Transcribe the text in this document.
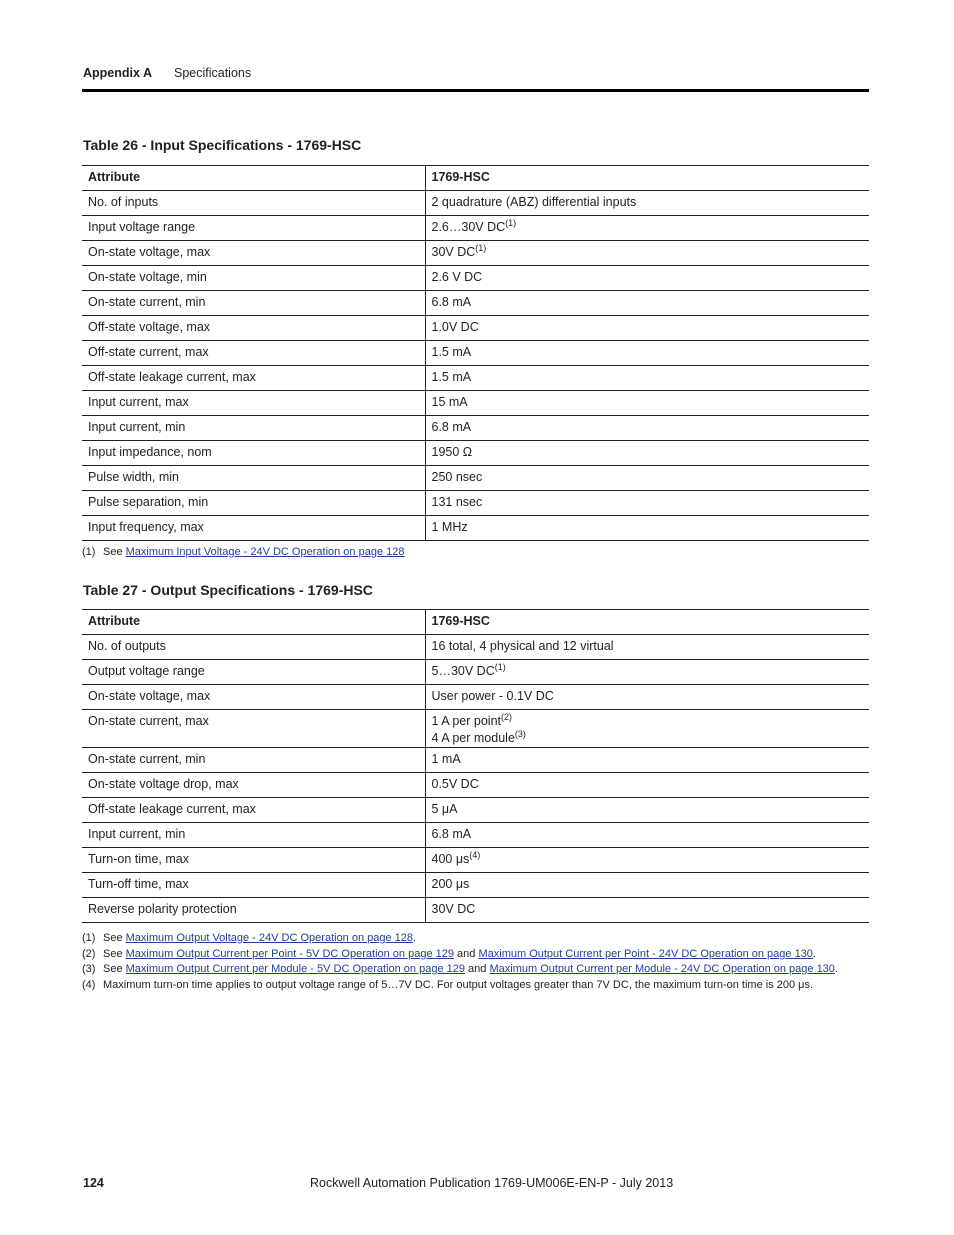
Appendix A Specifications
Table 26 - Input Specifications - 1769-HSC
Attribute	1769-HSC
No. of inputs	2 quadrature (ABZ) differential inputs
Input voltage range	2.6…30V DC$^{(1)}$
On-state voltage, max	30V DC$^{(1)}$
On-state voltage, min	2.6 V DC
On-state current, min	6.8 mA
Off-state voltage, max	1.0V DC
Off-state current, max	1.5 mA
Off-state leakage current, max	1.5 mA
Input current, max	15 mA
Input current, min	6.8 mA
Input impedance, nom	1950 Ω
Pulse width, min	250 nsec
Pulse separation, min	131 nsec
Input frequency, max	1 MHz
(1) See Maximum Input Voltage - 24V DC Operation on page 128
Table 27 - Output Specifications - 1769-HSC
Attribute	1769-HSC
No. of outputs	16 total, 4 physical and 12 virtual
Output voltage range	5…30V DC$^{(1)}$
On-state voltage, max	User power - 0.1V DC
On-state current, max	1 A per point$^{(2)}$
4 A per module$^{(3)}$
On-state current, min	1 mA
On-state voltage drop, max	0.5V DC
Off-state leakage current, max	5 μA
Input current, min	6.8 mA
Turn-on time, max	400 $\mu s^{(4)}$
Turn-off time, max	200 μs
Reverse polarity protection	30V DC
(1) See Maximum Output Voltage - 24V DC Operation on page 128.
(2) See Maximum Output Current per Point - 5V DC Operation on page 129 and Maximum Output Current per Point - 24V DC Operation on page 130.
(3) See Maximum Output Current per Module - 5V DC Operation on page 129 and Maximum Output Current per Module - 24V DC Operation on page 130.
(4) Maximum turn-on time applies to output voltage range of 5…7V DC. For output voltages greater than 7V DC, the maximum turn-on time is 200 μs.
124	Rockwell Automation Publication 1769-UM006E-EN-P - July 2013
